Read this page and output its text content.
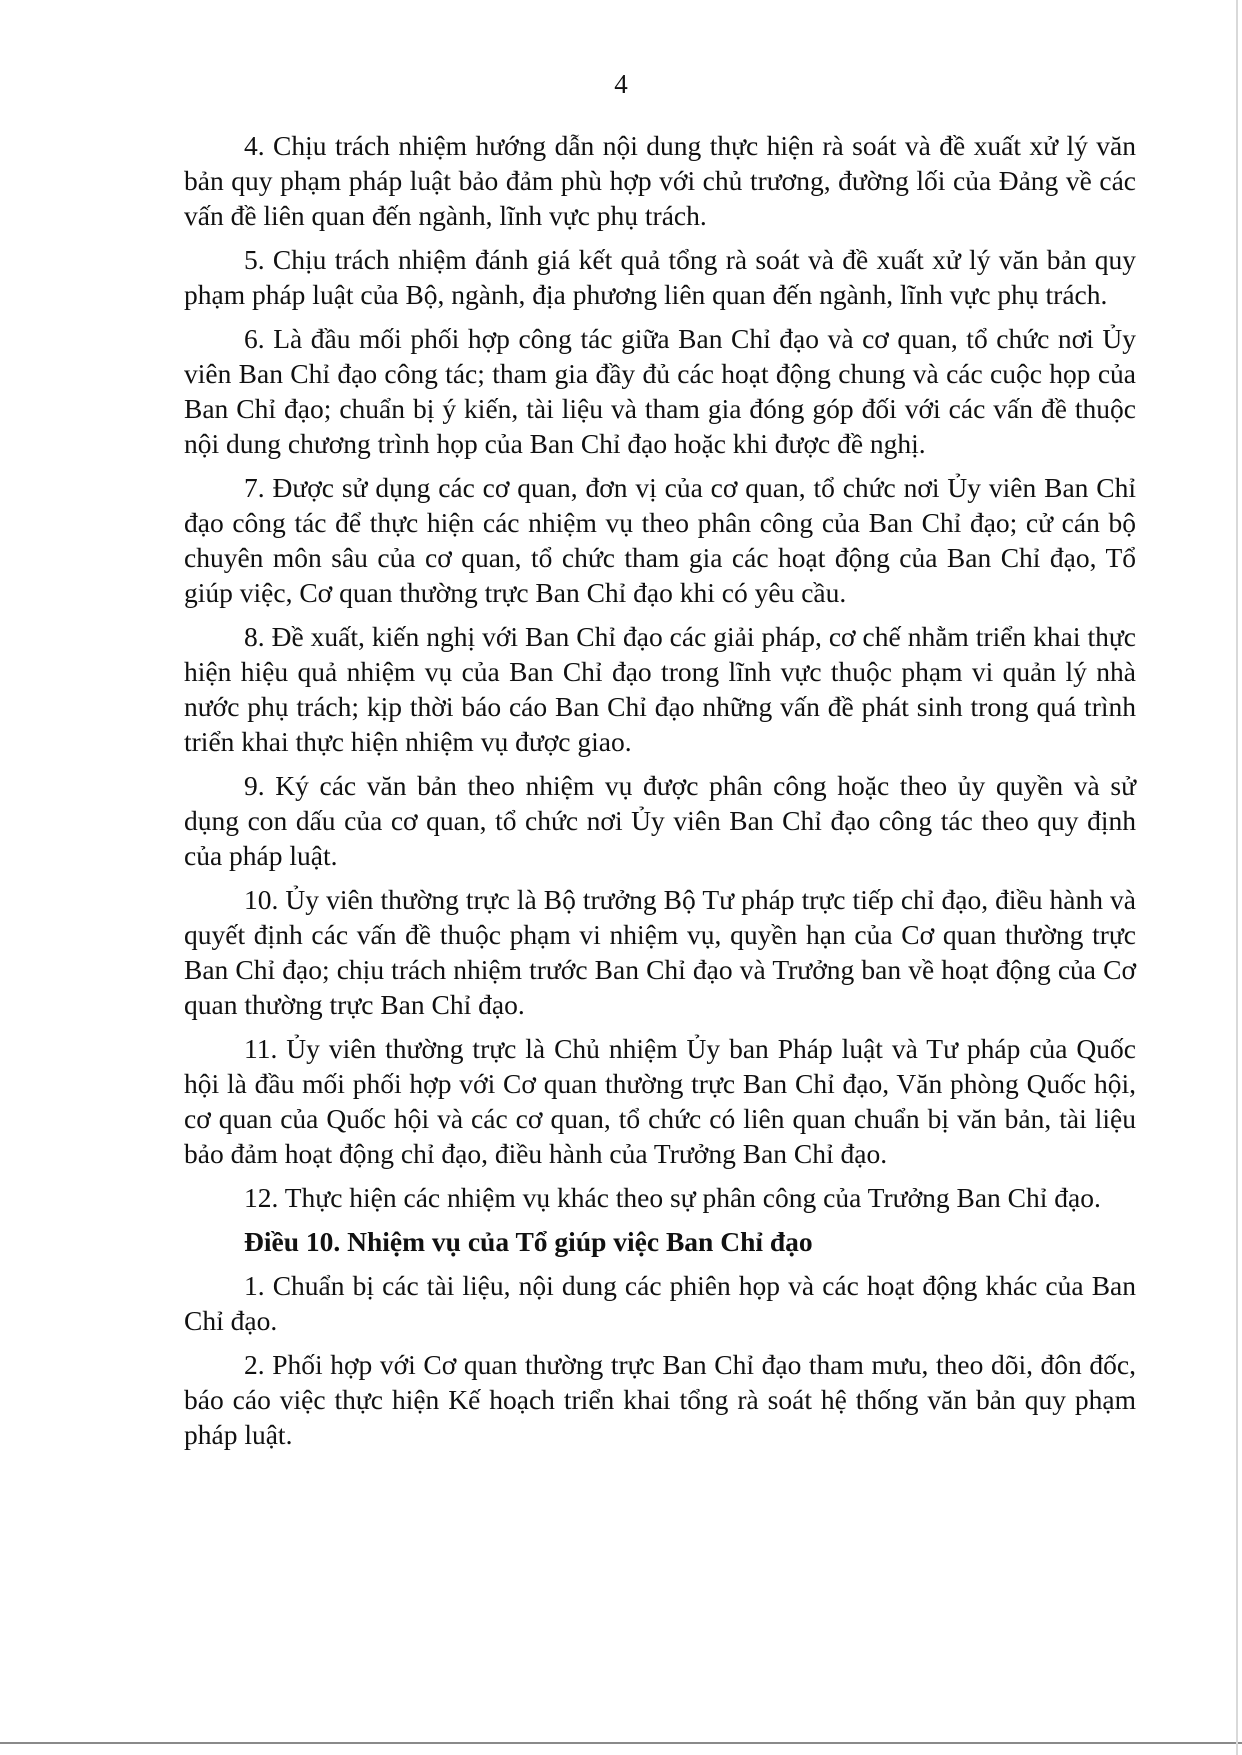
4

4. Chịu trách nhiệm hướng dẫn nội dung thực hiện rà soát và đề xuất xử lý văn bản quy phạm pháp luật bảo đảm phù hợp với chủ trương, đường lối của Đảng về các vấn đề liên quan đến ngành, lĩnh vực phụ trách.

5. Chịu trách nhiệm đánh giá kết quả tổng rà soát và đề xuất xử lý văn bản quy phạm pháp luật của Bộ, ngành, địa phương liên quan đến ngành, lĩnh vực phụ trách.

6. Là đầu mối phối hợp công tác giữa Ban Chỉ đạo và cơ quan, tổ chức nơi Ủy viên Ban Chỉ đạo công tác; tham gia đầy đủ các hoạt động chung và các cuộc họp của Ban Chỉ đạo; chuẩn bị ý kiến, tài liệu và tham gia đóng góp đối với các vấn đề thuộc nội dung chương trình họp của Ban Chỉ đạo hoặc khi được đề nghị.

7. Được sử dụng các cơ quan, đơn vị của cơ quan, tổ chức nơi Ủy viên Ban Chỉ đạo công tác để thực hiện các nhiệm vụ theo phân công của Ban Chỉ đạo; cử cán bộ chuyên môn sâu của cơ quan, tổ chức tham gia các hoạt động của Ban Chỉ đạo, Tổ giúp việc, Cơ quan thường trực Ban Chỉ đạo khi có yêu cầu.

8. Đề xuất, kiến nghị với Ban Chỉ đạo các giải pháp, cơ chế nhằm triển khai thực hiện hiệu quả nhiệm vụ của Ban Chỉ đạo trong lĩnh vực thuộc phạm vi quản lý nhà nước phụ trách; kịp thời báo cáo Ban Chỉ đạo những vấn đề phát sinh trong quá trình triển khai thực hiện nhiệm vụ được giao.

9. Ký các văn bản theo nhiệm vụ được phân công hoặc theo ủy quyền và sử dụng con dấu của cơ quan, tổ chức nơi Ủy viên Ban Chỉ đạo công tác theo quy định của pháp luật.

10. Ủy viên thường trực là Bộ trưởng Bộ Tư pháp trực tiếp chỉ đạo, điều hành và quyết định các vấn đề thuộc phạm vi nhiệm vụ, quyền hạn của Cơ quan thường trực Ban Chỉ đạo; chịu trách nhiệm trước Ban Chỉ đạo và Trưởng ban về hoạt động của Cơ quan thường trực Ban Chỉ đạo.

11. Ủy viên thường trực là Chủ nhiệm Ủy ban Pháp luật và Tư pháp của Quốc hội là đầu mối phối hợp với Cơ quan thường trực Ban Chỉ đạo, Văn phòng Quốc hội, cơ quan của Quốc hội và các cơ quan, tổ chức có liên quan chuẩn bị văn bản, tài liệu bảo đảm hoạt động chỉ đạo, điều hành của Trưởng Ban Chỉ đạo.

12. Thực hiện các nhiệm vụ khác theo sự phân công của Trưởng Ban Chỉ đạo.

Điều 10. Nhiệm vụ của Tổ giúp việc Ban Chỉ đạo

1. Chuẩn bị các tài liệu, nội dung các phiên họp và các hoạt động khác của Ban Chỉ đạo.

2. Phối hợp với Cơ quan thường trực Ban Chỉ đạo tham mưu, theo dõi, đôn đốc, báo cáo việc thực hiện Kế hoạch triển khai tổng rà soát hệ thống văn bản quy phạm pháp luật.
